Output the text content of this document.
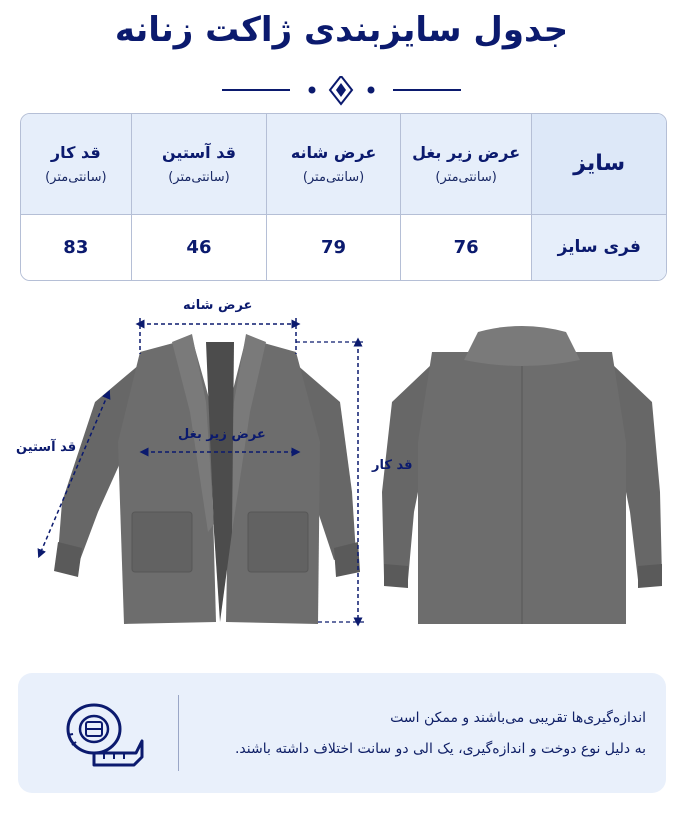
جدول سایزبندی ژاکت زنانه
سایز
عرض زیر بغل
(سانتی‌متر)
عرض شانه
(سانتی‌متر)
قد آستین
(سانتی‌متر)
قد کار
(سانتی‌متر)
فری سایز
76
79
46
83
عرض شانه
عرض زیر بغل
قد آستین
قد کار
اندازه‌گیری‌ها تقریبی می‌باشند و ممکن است
به دلیل نوع دوخت و اندازه‌گیری، یک الی دو سانت اختلاف داشته باشند.
